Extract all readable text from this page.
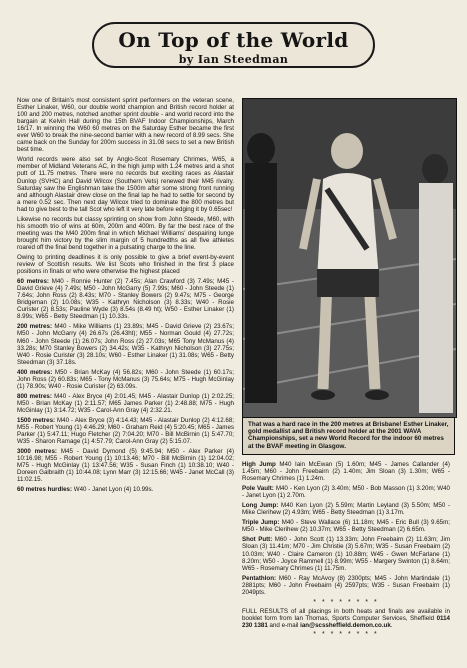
On Top of the World
by Ian Steedman

Now one of Britain's most consistent sprint performers on the veteran scene, Esther Linaker, W60, our double world champion and British record holder at 100 and 200 metres, notched another sprint double - and world record into the bargain at Kelvin Hall during the 15th BVAF Indoor Championships, March 16/17. In winning the W60 60 metres on the Saturday Esther became the first ever W60 to break the nine-second barrier with a new record of 8.99 secs. She came back on the Sunday for 200m success in 31.08 secs to set a new British best time.

World records were also set by Anglo-Scot Rosemary Chrimes, W65, a member of Midland Veterans AC, in the high jump with 1.24 metres and a shot putt of 11.75 metres. There were no records but exciting races as Alastair Dunlop (SVHC) and David Wilcox (Southern Vets) renewed their M45 rivalry. Saturday saw the Englishman take the 1500m after some strong front running and although Alastair drew close on the final lap he had to settle for second by a mere 0.52 sec. Then next day Wilcox tried to dominate the 800 metres but had to give best to the tall Scot who left it very late before edging it by 0.65sec!

Likewise no records but classy sprinting on show from John Steede, M60, with his smooth trio of wins at 60m, 200m and 400m. By far the best race of the meeting was the M40 200m final in which Michael Williams' despairing lunge brought him victory by the slim margin of 5 hundredths as all five athletes roared off the final bend together in a pulsating charge to the line.

Owing to printing deadlines it is only possible to give a brief event-by-event review of Scottish results. We list Scots who finished in the first 3 place positions in finals or who were otherwise the highest placed

60 metres: M40 - Ronnie Hunter (2) 7.45s; Alan Crawford (3) 7.49s; M45 - David Grieve (4) 7.49s; M50 - John McGarry (5) 7.99s; M60 - John Steede (1) 7.64s; John Ross (2) 8.43s; M70 - Stanley Bowers (2) 9.47s; M75 - George Bridgeman (2) 10.08s; W35 - Kathryn Nicholson (3) 8.33s; W40 - Rosie Curister (2) 8.53s; Pauline Wyde (3) 8.54s (8.49 ht); W50 - Esther Linaker (1) 8.99s; W65 - Betty Steedman (1) 10.33s.

200 metres: M40 - Mike Williams (1) 23.89s; M45 - David Grieve (2) 23.67s; M50 - John McGarry (4) 26.67s (26.43ht); M55 - Norman Gould (4) 27.72s; M60 - John Steede (1) 26.07s; John Ross (2) 27.03s; M65 Tony McManus (4) 33.28s; M70 Stanley Bowers (2) 34.42s; W35 - Kathryn Nicholson (3) 27.75s; W40 - Rosie Curister (3) 28.10s; W60 - Esther Linaker (1) 31.08s; W65 - Betty Steedman (3) 37.18s.

400 metres: M50 - Brian McKay (4) 56.82s; M60 - John Steede (1) 60.17s; John Ross (2) 60.83s; M65 - Tony McManus (3) 75.64s; M75 - Hugh McGinlay (1) 78.90s; W40 - Rosie Curister (2) 63.09s.

800 metres: M40 - Alex Bryce (4) 2:01.45; M45 - Alastair Dunlop (1) 2:02.25; M50 - Brian McKay (1) 2:11.57; M65 James Parker (1) 2:48.88; M75 - Hugh McGinlay (1) 3:14.72; W35 - Carol-Ann Gray (4) 2:32.21.

1500 metres: M40 - Alex Bryce (3) 4:14.43; M45 - Alastair Dunlop (2) 4:12.68; M55 - Robert Young (1) 4:46.29; M60 - Graham Reid (4) 5:20.45; M65 - James Parker (1) 5:47.11; Hugo Fletcher (2) 7:04.20; M70 - Bill McBirnin (1) 5:47.70; W35 - Sharon Ramage (1) 4:57.79; Carol-Ann Gray (2) 5:15.07.

3000 metres: M45 - David Dymond (5) 9:45.94; M50 - Alex Parker (4) 10:16.98; M55 - Robert Young (1) 10:13.46; M70 - Bill McBirnin (1) 12:04.02; M75 - Hugh McGinlay (1) 13:47.56; W35 - Susan Finch (1) 10:38.10; W40 - Doreen Galbraith (1) 10:44.08; Lynn Marr (3) 12:15.66; W45 - Janet McCall (3) 11:02.15.

60 metres hurdles: W40 - Janet Lyon (4) 10.99s.

That was a hard race in the 200 metres at Brisbane! Esther Linaker, gold medallist and British record holder at the 2001 WAVA Championships, set a new World Record for the indoor 60 metres at the BVAF meeting in Glasgow.

High Jump M40 Iain McEwan (5) 1.60m; M45 - James Callander (4) 1.45m; M60 - John Freebairn (2) 1.40m; Jim Sloan (3) 1.30m; W65 - Rosemary Chrimes (1) 1.24m.

Pole Vault: M40 - Ken Lyon (2) 3.40m; M50 - Bob Masson (1) 3.20m; W40 - Janet Lyon (1) 2.70m.

Long Jump: M40 Ken Lyon (2) 5.59m; Martin Leyland (3) 5.50m; M50 - Mike Clerihew (2) 4.93m; W65 - Betty Steedman (1) 3.17m.

Triple Jump: M40 - Steve Wallace (6) 11.18m; M45 - Eric Bull (3) 9.65m; M50 - Mike Clerihew (2) 10.37m; W65 - Betty Steedman (2) 6.65m.

Shot Putt: M60 - John Scott (1) 13.33m; John Freebairn (2) 11.63m; Jim Sloan (3) 11.41m; M70 - Jim Christie (3) 5.67m; W35 - Susan Freebairn (2) 10.03m; W40 - Claire Cameron (1) 10.88m; W45 - Gwen McFarlane (1) 8.20m; W50 - Joyce Rammell (1) 8.99m; W55 - Margery Swinton (1) 8.64m; W65 - Rosemary Chrimes (1) 11.75m.

Pentathlon: M60 - Ray McAvoy (8) 2300pts; M45 - John Martindale (1) 2881pts; M60 - John Freebairn (4) 2597pts; W35 - Susan Freebairn (1) 2049pts.

* * * * * * * *
FULL RESULTS of all placings in both heats and finals are available in booklet form from Ian Thomas, Sports Computer Services, Sheffield 0114 230 1381 and e-mail ian@scssheffield.demon.co.uk.
* * * * * * * *
